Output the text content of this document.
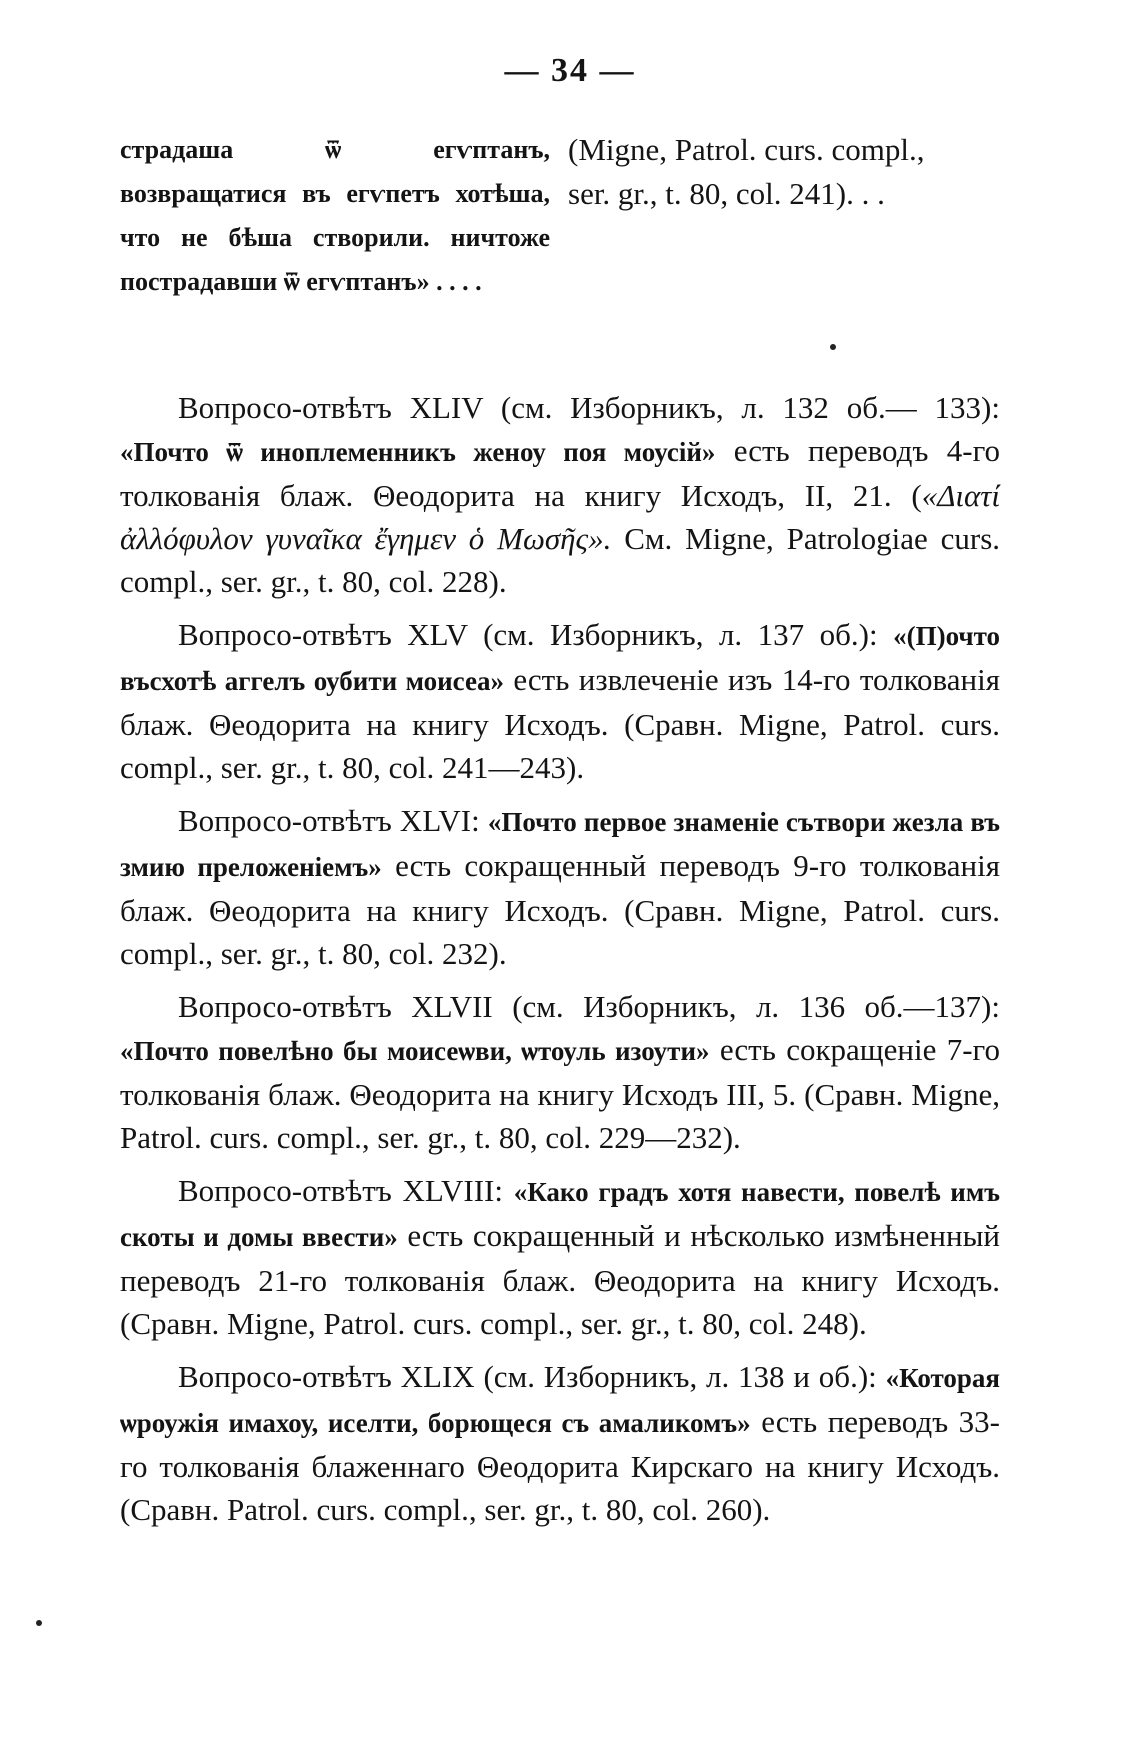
— 34 —
страдаша ѿ егѵптанъ, возвращатися въ егѵпетъ хотѣша, что не бѣша створили. ничтоже пострадавши ѿ егѵптанъ» . . . .
(Migne, Patrol. curs. compl.,
ser. gr., t. 80, col. 241). . .

Вопросо-отвѣтъ XLIV (см. Изборникъ, л. 132 об.— 133): «Почто ѿ иноплеменникъ женоу поя моусій» есть переводъ 4-го толкованія блаж. Θеодорита на книгу Исходъ, II, 21. («Διατί ἀλλόφυλον γυναῖκα ἔγημεν ὁ Μωσῆς». См. Migne, Patrologiae curs. compl., ser. gr., t. 80, col. 228).

Вопросо-отвѣтъ XLV (см. Изборникъ, л. 137 об.): «(П)очто въсхотѣ аггелъ оубити моисеа» есть извлеченіе изъ 14-го толкованія блаж. Θеодорита на книгу Исходъ. (Сравн. Migne, Patrol. curs. compl., ser. gr., t. 80, col. 241—243).

Вопросо-отвѣтъ XLVI: «Почто первое знаменіе сътвори жезла въ змию преложеніемъ» есть сокращенный переводъ 9-го толкованія блаж. Θеодорита на книгу Исходъ. (Сравн. Migne, Patrol. curs. compl., ser. gr., t. 80, col. 232).

Вопросо-отвѣтъ XLVII (см. Изборникъ, л. 136 об.—137): «Почто повелѣно бы моисеѡви, ѡтоуль изоути» есть сокращеніе 7-го толкованія блаж. Θеодорита на книгу Исходъ III, 5. (Сравн. Migne, Patrol. curs. compl., ser. gr., t. 80, col. 229—232).

Вопросо-отвѣтъ XLVIII: «Како градъ хотя навести, повелѣ имъ скоты и домы ввести» есть сокращенный и нѣсколько измѣненный переводъ 21-го толкованія блаж. Θеодорита на книгу Исходъ. (Сравн. Migne, Patrol. curs. compl., ser. gr., t. 80, col. 248).

Вопросо-отвѣтъ XLIX (см. Изборникъ, л. 138 и об.): «Которая ѡроужія имахоу, иселти, борющеся съ амаликомъ» есть переводъ 33-го толкованія блаженнаго Θеодорита Кирскаго на книгу Исходъ. (Сравн. Patrol. curs. compl., ser. gr., t. 80, col. 260).
